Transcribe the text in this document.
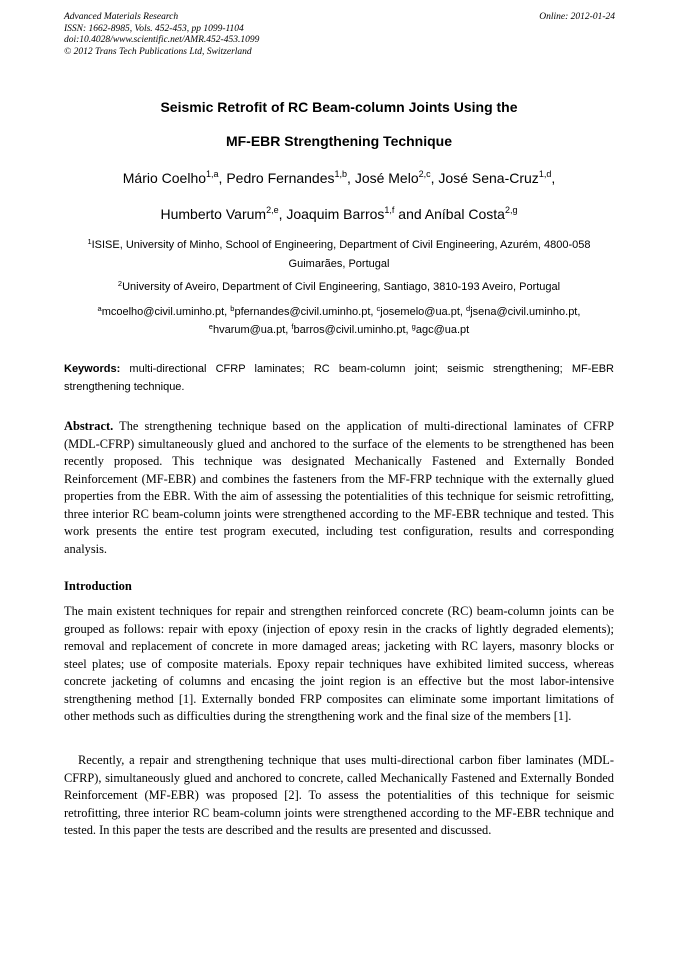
Advanced Materials Research
ISSN: 1662-8985, Vols. 452-453, pp 1099-1104
doi:10.4028/www.scientific.net/AMR.452-453.1099
© 2012 Trans Tech Publications Ltd, Switzerland
Online: 2012-01-24
Seismic Retrofit of RC Beam-column Joints Using the
MF-EBR Strengthening Technique
Mário Coelho$^{1,a}$, Pedro Fernandes$^{1,b}$, José Melo$^{2,c}$, José Sena-Cruz$^{1,d}$,
Humberto Varum$^{2,e}$, Joaquim Barros$^{1,f}$ and Aníbal Costa$^{2,g}$
$^1$ISISE, University of Minho, School of Engineering, Department of Civil Engineering, Azurém, 4800-058 Guimarães, Portugal
$^2$University of Aveiro, Department of Civil Engineering, Santiago, 3810-193 Aveiro, Portugal
$^a$mcoelho@civil.uminho.pt, $^b$pfernandes@civil.uminho.pt, $^c$josemelo@ua.pt, $^d$jsena@civil.uminho.pt,
$^e$hvarum@ua.pt, $^f$barros@civil.uminho.pt, $^g$agc@ua.pt
Keywords: multi-directional CFRP laminates; RC beam-column joint; seismic strengthening; MF-EBR strengthening technique.

Abstract. The strengthening technique based on the application of multi-directional laminates of CFRP (MDL-CFRP) simultaneously glued and anchored to the surface of the elements to be strengthened has been recently proposed. This technique was designated Mechanically Fastened and Externally Bonded Reinforcement (MF-EBR) and combines the fasteners from the MF-FRP technique with the externally glued properties from the EBR. With the aim of assessing the potentialities of this technique for seismic retrofitting, three interior RC beam-column joints were strengthened according to the MF-EBR technique and tested. This work presents the entire test program executed, including test configuration, results and corresponding analysis.

Introduction

The main existent techniques for repair and strengthen reinforced concrete (RC) beam-column joints can be grouped as follows: repair with epoxy (injection of epoxy resin in the cracks of lightly degraded elements); removal and replacement of concrete in more damaged areas; jacketing with RC layers, masonry blocks or steel plates; use of composite materials. Epoxy repair techniques have exhibited limited success, whereas concrete jacketing of columns and encasing the joint region is an effective but the most labor-intensive strengthening method [1]. Externally bonded FRP composites can eliminate some important limitations of other methods such as difficulties during the strengthening work and the final size of the members [1].

Recently, a repair and strengthening technique that uses multi-directional carbon fiber laminates (MDL-CFRP), simultaneously glued and anchored to concrete, called Mechanically Fastened and Externally Bonded Reinforcement (MF-EBR) was proposed [2]. To assess the potentialities of this technique for seismic retrofitting, three interior RC beam-column joints were strengthened according to the MF-EBR technique and tested. In this paper the tests are described and the results are presented and discussed.
